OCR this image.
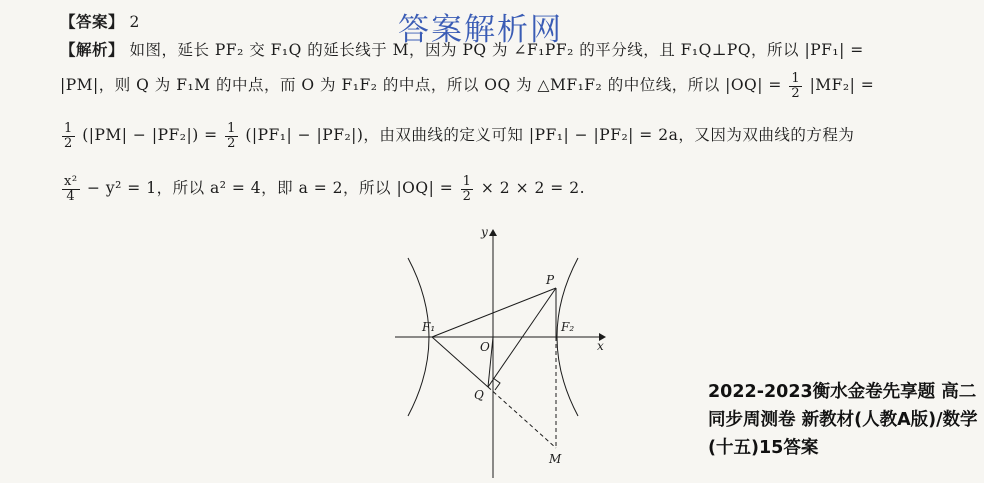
答案解析网
【答案】 2
【解析】 如图，延长 PF₂ 交 F₁Q 的延长线于 M，因为 PQ 为 ∠F₁PF₂ 的平分线，且 F₁Q⊥PQ，所以 |PF₁| =
|PM|，则 Q 为 F₁M 的中点，而 O 为 F₁F₂ 的中点，所以 OQ 为 △MF₁F₂ 的中位线，所以 $|OQ| = \frac{1}{2} |MF_2|$ =
$\frac{1}{2} (|PM| - |PF_2|) = \frac{1}{2} (|PF_1| - |PF_2|)$，由双曲线的定义可知 |PF₁| − |PF₂| = 2a，又因为双曲线的方程为
$\frac{\text{x²}}{4} - y^2 = 1$，所以 a² = 4，即 a = 2，所以 $|OQ| = \frac{1}{2} \times 2 \times 2 = 2$.
y
x
P
F₁	F₂
O
Q
M
2022-2023衡水金卷先享题 高二同步周测卷 新教材(人教A版)/数学(十五)15答案
